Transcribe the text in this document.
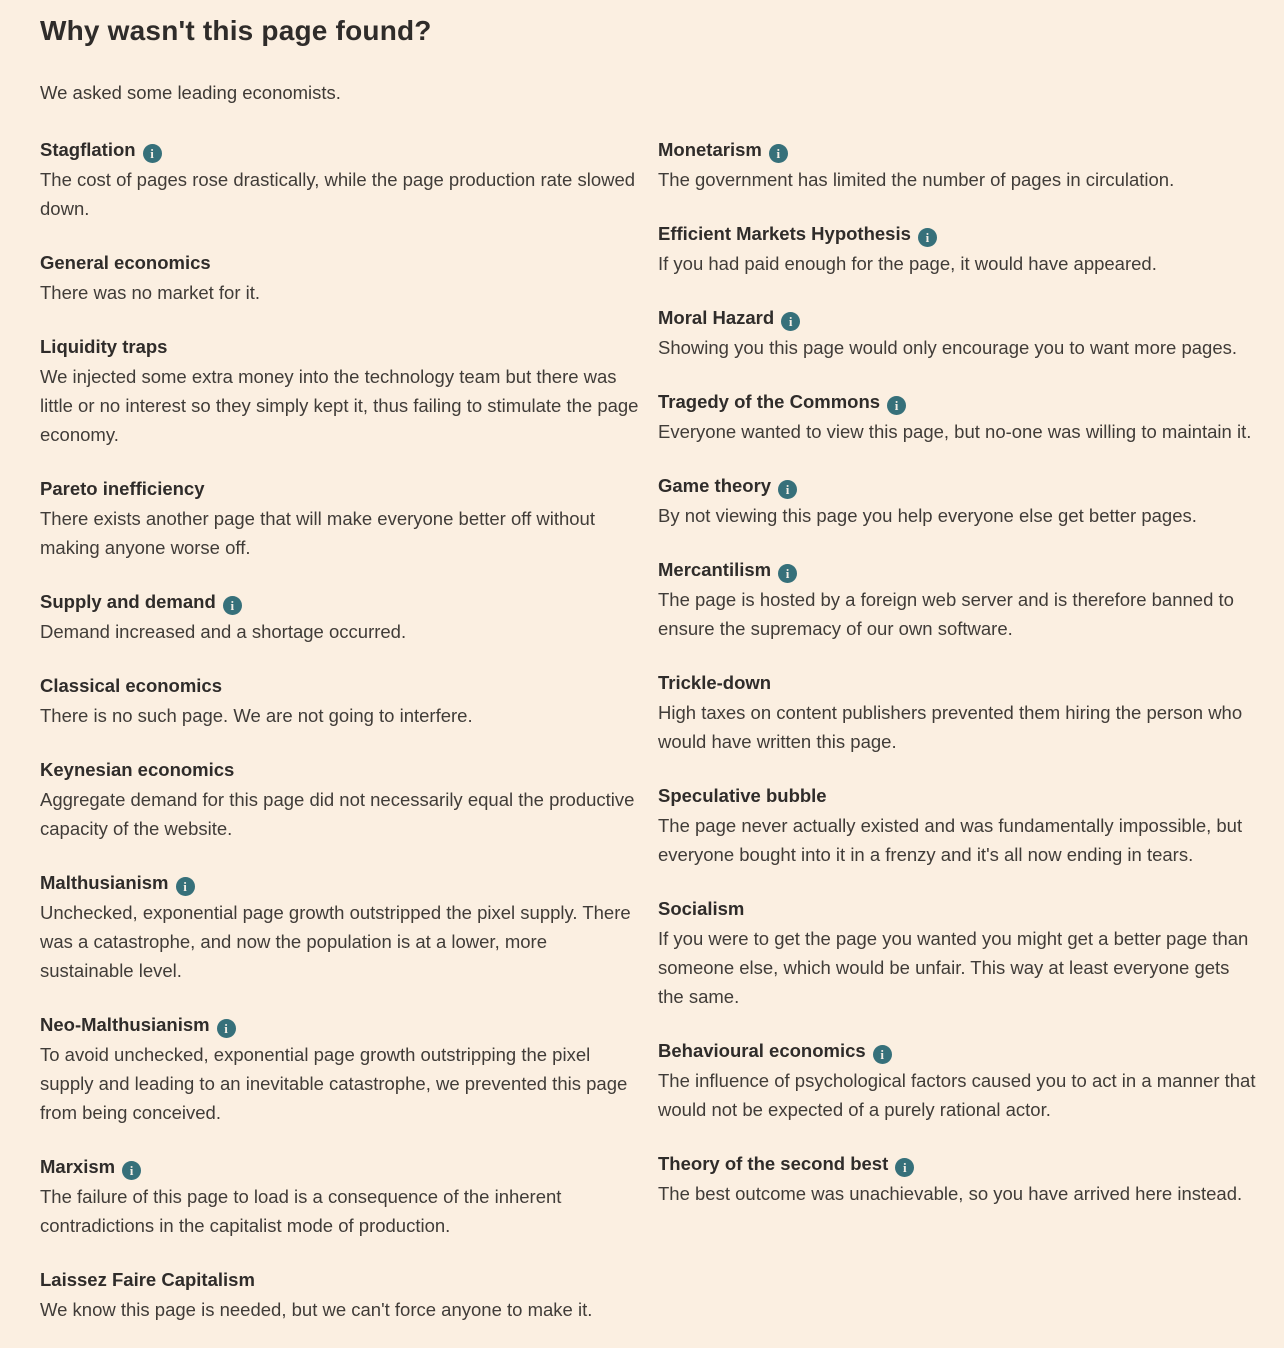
Why wasn't this page found?

We asked some leading economists.

Stagflation i

The cost of pages rose drastically, while the page production rate slowed down.

General economics

There was no market for it.

Liquidity traps

We injected some extra money into the technology team but there was little or no interest so they simply kept it, thus failing to stimulate the page economy.

Pareto inefficiency

There exists another page that will make everyone better off without making anyone worse off.

Supply and demand i

Demand increased and a shortage occurred.

Classical economics

There is no such page. We are not going to interfere.

Keynesian economics

Aggregate demand for this page did not necessarily equal the productive capacity of the website.

Malthusianism i

Unchecked, exponential page growth outstripped the pixel supply. There was a catastrophe, and now the population is at a lower, more sustainable level.

Neo-Malthusianism i

To avoid unchecked, exponential page growth outstripping the pixel supply and leading to an inevitable catastrophe, we prevented this page from being conceived.

Marxism i

The failure of this page to load is a consequence of the inherent contradictions in the capitalist mode of production.

Laissez Faire Capitalism

We know this page is needed, but we can't force anyone to make it.

Monetarism i

The government has limited the number of pages in circulation.

Efficient Markets Hypothesis i

If you had paid enough for the page, it would have appeared.

Moral Hazard i

Showing you this page would only encourage you to want more pages.

Tragedy of the Commons i

Everyone wanted to view this page, but no-one was willing to maintain it.

Game theory i

By not viewing this page you help everyone else get better pages.

Mercantilism i

The page is hosted by a foreign web server and is therefore banned to ensure the supremacy of our own software.

Trickle-down

High taxes on content publishers prevented them hiring the person who would have written this page.

Speculative bubble

The page never actually existed and was fundamentally impossible, but everyone bought into it in a frenzy and it's all now ending in tears.

Socialism

If you were to get the page you wanted you might get a better page than someone else, which would be unfair. This way at least everyone gets the same.

Behavioural economics i

The influence of psychological factors caused you to act in a manner that would not be expected of a purely rational actor.

Theory of the second best i

The best outcome was unachievable, so you have arrived here instead.
